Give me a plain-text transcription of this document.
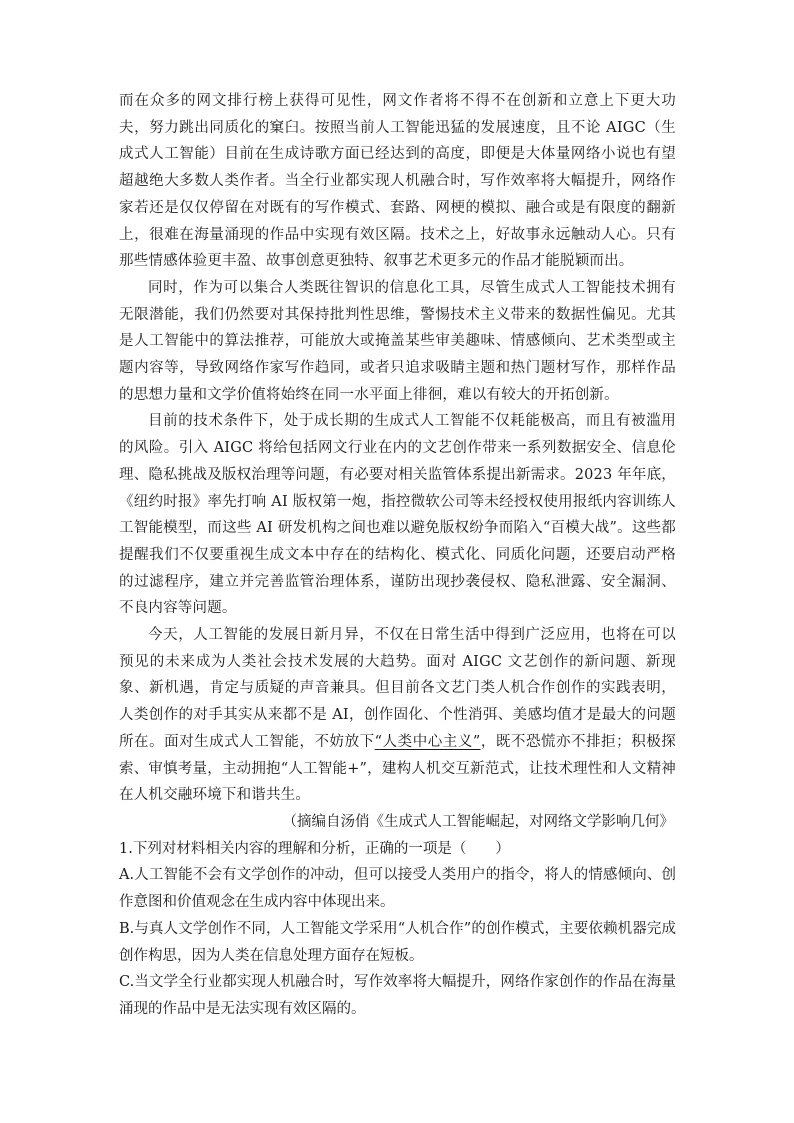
而在众多的网文排行榜上获得可见性，网文作者将不得不在创新和立意上下更大功夫，努力跳出同质化的窠臼。按照当前人工智能迅猛的发展速度，且不论 AIGC（生成式人工智能）目前在生成诗歌方面已经达到的高度，即便是大体量网络小说也有望超越绝大多数人类作者。当全行业都实现人机融合时，写作效率将大幅提升，网络作家若还是仅仅停留在对既有的写作模式、套路、网梗的模拟、融合或是有限度的翻新上，很难在海量涌现的作品中实现有效区隔。技术之上，好故事永远触动人心。只有那些情感体验更丰盈、故事创意更独特、叙事艺术更多元的作品才能脱颖而出。

同时，作为可以集合人类既往智识的信息化工具，尽管生成式人工智能技术拥有无限潜能，我们仍然要对其保持批判性思维，警惕技术主义带来的数据性偏见。尤其是人工智能中的算法推荐，可能放大或掩盖某些审美趣味、情感倾向、艺术类型或主题内容等，导致网络作家写作趋同，或者只追求吸睛主题和热门题材写作，那样作品的思想力量和文学价值将始终在同一水平面上徘徊，难以有较大的开拓创新。

目前的技术条件下，处于成长期的生成式人工智能不仅耗能极高，而且有被滥用的风险。引入 AIGC 将给包括网文行业在内的文艺创作带来一系列数据安全、信息伦理、隐私挑战及版权治理等问题，有必要对相关监管体系提出新需求。2023 年年底，《纽约时报》率先打响 AI 版权第一炮，指控微软公司等未经授权使用报纸内容训练人工智能模型，而这些 AI 研发机构之间也难以避免版权纷争而陷入“百模大战”。这些都提醒我们不仅要重视生成文本中存在的结构化、模式化、同质化问题，还要启动严格的过滤程序，建立并完善监管治理体系，谨防出现抄袭侵权、隐私泄露、安全漏洞、不良内容等问题。

今天，人工智能的发展日新月异，不仅在日常生活中得到广泛应用，也将在可以预见的未来成为人类社会技术发展的大趋势。面对 AIGC 文艺创作的新问题、新现象、新机遇，肯定与质疑的声音兼具。但目前各文艺门类人机合作创作的实践表明，人类创作的对手其实从来都不是 AI，创作固化、个性消弭、美感均值才是最大的问题所在。面对生成式人工智能，不妨放下“人类中心主义”，既不恐慌亦不排拒；积极探索、审慎考量，主动拥抱“人工智能+”，建构人机交互新范式，让技术理性和人文精神在人机交融环境下和谐共生。

（摘编自汤俏《生成式人工智能崛起，对网络文学影响几何》

1.下列对材料相关内容的理解和分析，正确的一项是（　　）

A.人工智能不会有文学创作的冲动，但可以接受人类用户的指令，将人的情感倾向、创作意图和价值观念在生成内容中体现出来。

B.与真人文学创作不同，人工智能文学采用“人机合作”的创作模式，主要依赖机器完成创作构思，因为人类在信息处理方面存在短板。

C.当文学全行业都实现人机融合时，写作效率将大幅提升，网络作家创作的作品在海量涌现的作品中是无法实现有效区隔的。
